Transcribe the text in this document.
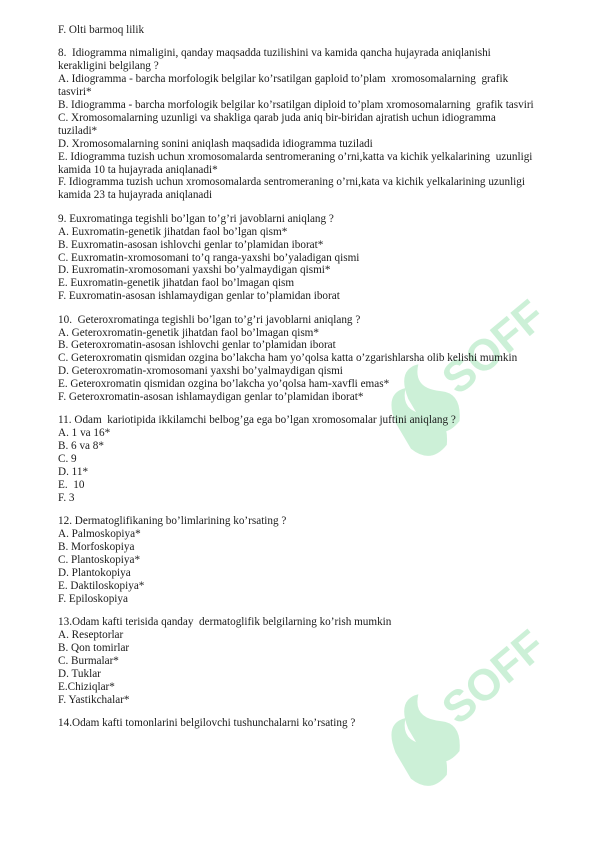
SOFF
SOFF
F. Olti barmoq lilik
8.  Idiogramma nimaligini, qanday maqsadda tuzilishini va kamida qancha hujayrada aniqlanishi
kerakligini belgilang ?
A. Idiogramma - barcha morfologik belgilar ko’rsatilgan gaploid to’plam  xromosomalarning  grafik
tasviri*
B. Idiogramma - barcha morfologik belgilar ko’rsatilgan diploid to’plam xromosomalarning  grafik tasviri
C. Xromosomalarning uzunligi va shakliga qarab juda aniq bir-biridan ajratish uchun idiogramma
tuziladi*
D. Xromosomalarning sonini aniqlash maqsadida idiogramma tuziladi
E. Idiogramma tuzish uchun xromosomalarda sentromeraning o’rni,katta va kichik yelkalarining  uzunligi
kamida 10 ta hujayrada aniqlanadi*
F. Idiogramma tuzish uchun xromosomalarda sentromeraning o’rni,kata va kichik yelkalarining uzunligi
kamida 23 ta hujayrada aniqlanadi
9. Euxromatinga tegishli bo’lgan to’g’ri javoblarni aniqlang ?
A. Euxromatin-genetik jihatdan faol bo’lgan qism*
B. Euxromatin-asosan ishlovchi genlar to’plamidan iborat*
C. Euxromatin-xromosomani to’q ranga-yaxshi bo’yaladigan qismi
D. Euxromatin-xromosomani yaxshi bo’yalmaydigan qismi*
E. Euxromatin-genetik jihatdan faol bo’lmagan qism
F. Euxromatin-asosan ishlamaydigan genlar to’plamidan iborat
10.  Geteroxromatinga tegishli bo’lgan to’g’ri javoblarni aniqlang ?
A. Geteroxromatin-genetik jihatdan faol bo’lmagan qism*
B. Geteroxromatin-asosan ishlovchi genlar to’plamidan iborat
C. Geteroxromatin qismidan ozgina bo’lakcha ham yo’qolsa katta o’zgarishlarsha olib kelishi mumkin
D. Geteroxromatin-xromosomani yaxshi bo’yalmaydigan qismi
E. Geteroxromatin qismidan ozgina bo’lakcha yo’qolsa ham-xavfli emas*
F. Geteroxromatin-asosan ishlamaydigan genlar to’plamidan iborat*
11. Odam  kariotipida ikkilamchi belbog’ga ega bo’lgan xromosomalar juftini aniqlang ?
A. 1 va 16*
B. 6 va 8*
C. 9
D. 11*
E.  10
F. 3
12. Dermatoglifikaning bo’limlarining ko’rsating ?
A. Palmoskopiya*
B. Morfoskopiya
C. Plantoskopiya*
D. Plantokopiya
E. Daktiloskopiya*
F. Epiloskopiya
13.Odam kafti terisida qanday  dermatoglifik belgilarning ko’rish mumkin
A. Reseptorlar
B. Qon tomirlar
C. Burmalar*
D. Tuklar
E.Chiziqlar*
F. Yastikchalar*
14.Odam kafti tomonlarini belgilovchi tushunchalarni ko’rsating ?
